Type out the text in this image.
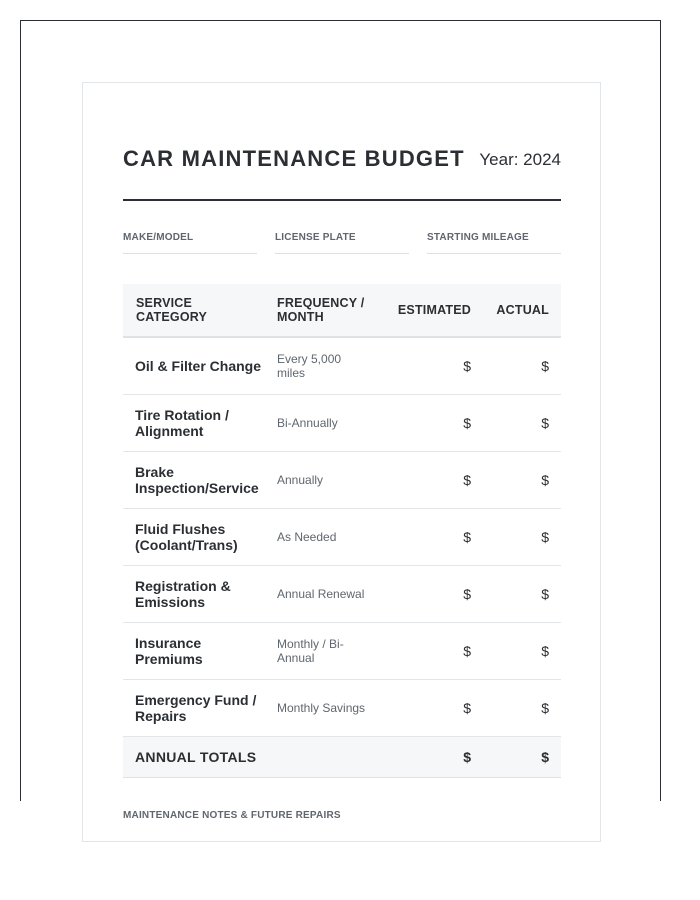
CAR MAINTENANCE BUDGET Year: 2024
MAKE/MODEL	LICENSE PLATE	STARTING MILEAGE
SERVICE CATEGORY	FREQUENCY / MONTH	ESTIMATED	ACTUAL
Oil & Filter Change	Every 5,000 miles	$	$
Tire Rotation / Alignment	Bi-Annually	$	$
Brake Inspection/Service	Annually	$	$
Fluid Flushes (Coolant/Trans)	As Needed	$	$
Registration & Emissions	Annual Renewal	$	$
Insurance Premiums	Monthly / Bi-Annual	$	$
Emergency Fund / Repairs	Monthly Savings	$	$
ANNUAL TOTALS		$	$
MAINTENANCE NOTES & FUTURE REPAIRS
